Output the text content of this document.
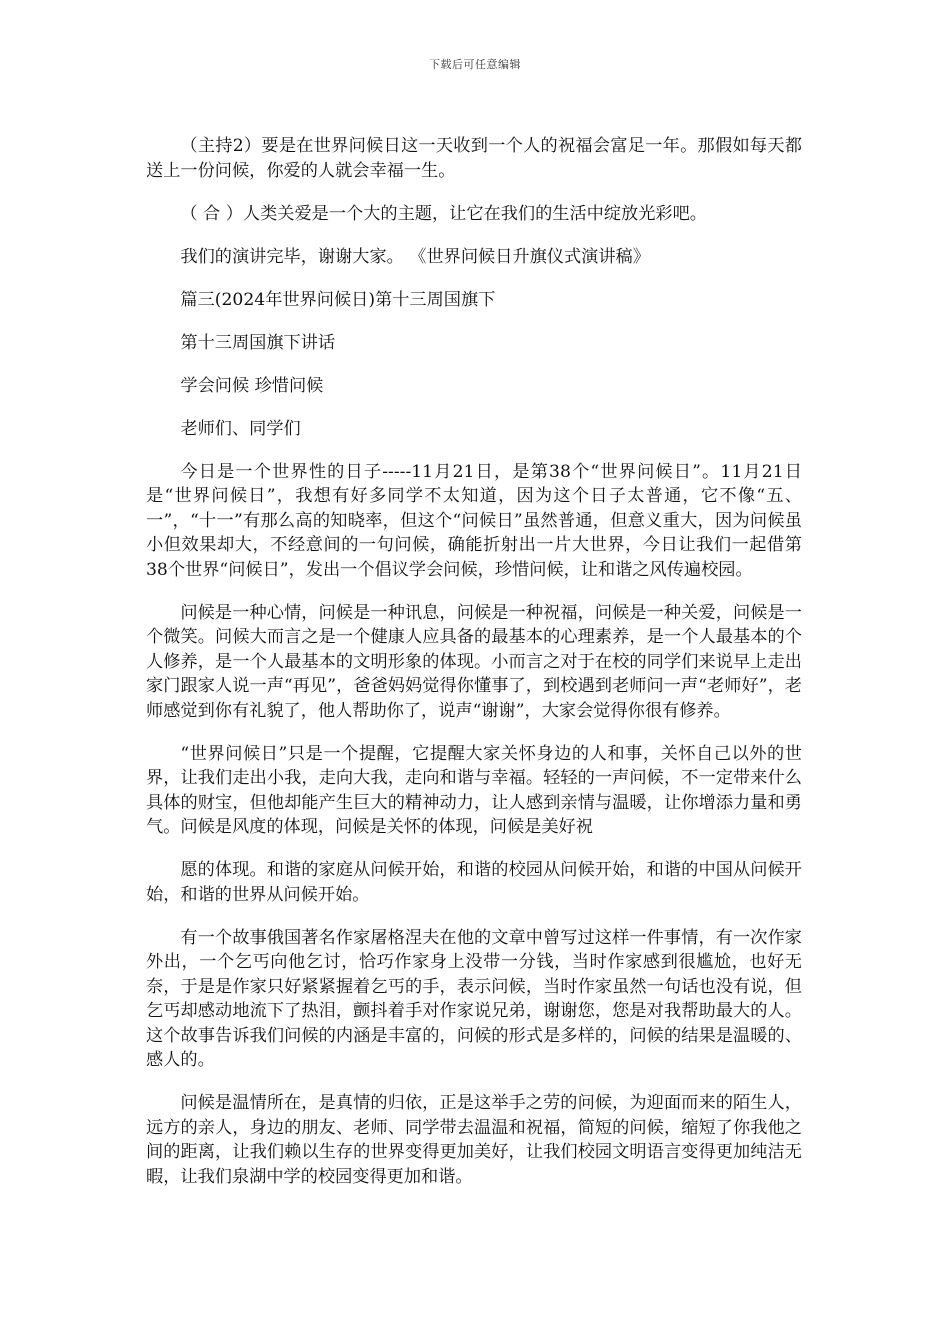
下载后可任意编辑

（主持2）要是在世界问候日这一天收到一个人的祝福会富足一年。那假如每天都送上一份问候，你爱的人就会幸福一生。

（ 合 ）人类关爱是一个大的主题，让它在我们的生活中绽放光彩吧。

我们的演讲完毕，谢谢大家。 《世界问候日升旗仪式演讲稿》

篇三(2024年世界问候日)第十三周国旗下

第十三周国旗下讲话

学会问候 珍惜问候

老师们、同学们

今日是一个世界性的日子-----11月21日，是第38个“世界问候日”。11月21日是“世界问候日”，我想有好多同学不太知道，因为这个日子太普通，它不像“五、一”，“十一”有那么高的知晓率，但这个“问候日”虽然普通，但意义重大，因为问候虽小但效果却大，不经意间的一句问候，确能折射出一片大世界，今日让我们一起借第38个世界“问候日”，发出一个倡议学会问候，珍惜问候，让和谐之风传遍校园。

问候是一种心情，问候是一种讯息，问候是一种祝福，问候是一种关爱，问候是一个微笑。问候大而言之是一个健康人应具备的最基本的心理素养，是一个人最基本的个人修养，是一个人最基本的文明形象的体现。小而言之对于在校的同学们来说早上走出家门跟家人说一声“再见”，爸爸妈妈觉得你懂事了，到校遇到老师问一声“老师好”，老师感觉到你有礼貌了，他人帮助你了，说声“谢谢”，大家会觉得你很有修养。

“世界问候日”只是一个提醒，它提醒大家关怀身边的人和事，关怀自己以外的世界，让我们走出小我，走向大我，走向和谐与幸福。轻轻的一声问候，不一定带来什么具体的财宝，但他却能产生巨大的精神动力，让人感到亲情与温暖，让你增添力量和勇气。问候是风度的体现，问候是关怀的体现，问候是美好祝

愿的体现。和谐的家庭从问候开始，和谐的校园从问候开始，和谐的中国从问候开始，和谐的世界从问候开始。

有一个故事俄国著名作家屠格涅夫在他的文章中曾写过这样一件事情，有一次作家外出，一个乞丐向他乞讨，恰巧作家身上没带一分钱，当时作家感到很尴尬，也好无奈，于是是作家只好紧紧握着乞丐的手，表示问候，当时作家虽然一句话也没有说，但乞丐却感动地流下了热泪，颤抖着手对作家说兄弟，谢谢您，您是对我帮助最大的人。这个故事告诉我们问候的内涵是丰富的，问候的形式是多样的，问候的结果是温暖的、感人的。

问候是温情所在，是真情的归依，正是这举手之劳的问候，为迎面而来的陌生人，远方的亲人，身边的朋友、老师、同学带去温温和祝福，简短的问候，缩短了你我他之间的距离，让我们赖以生存的世界变得更加美好，让我们校园文明语言变得更加纯洁无暇，让我们泉湖中学的校园变得更加和谐。
